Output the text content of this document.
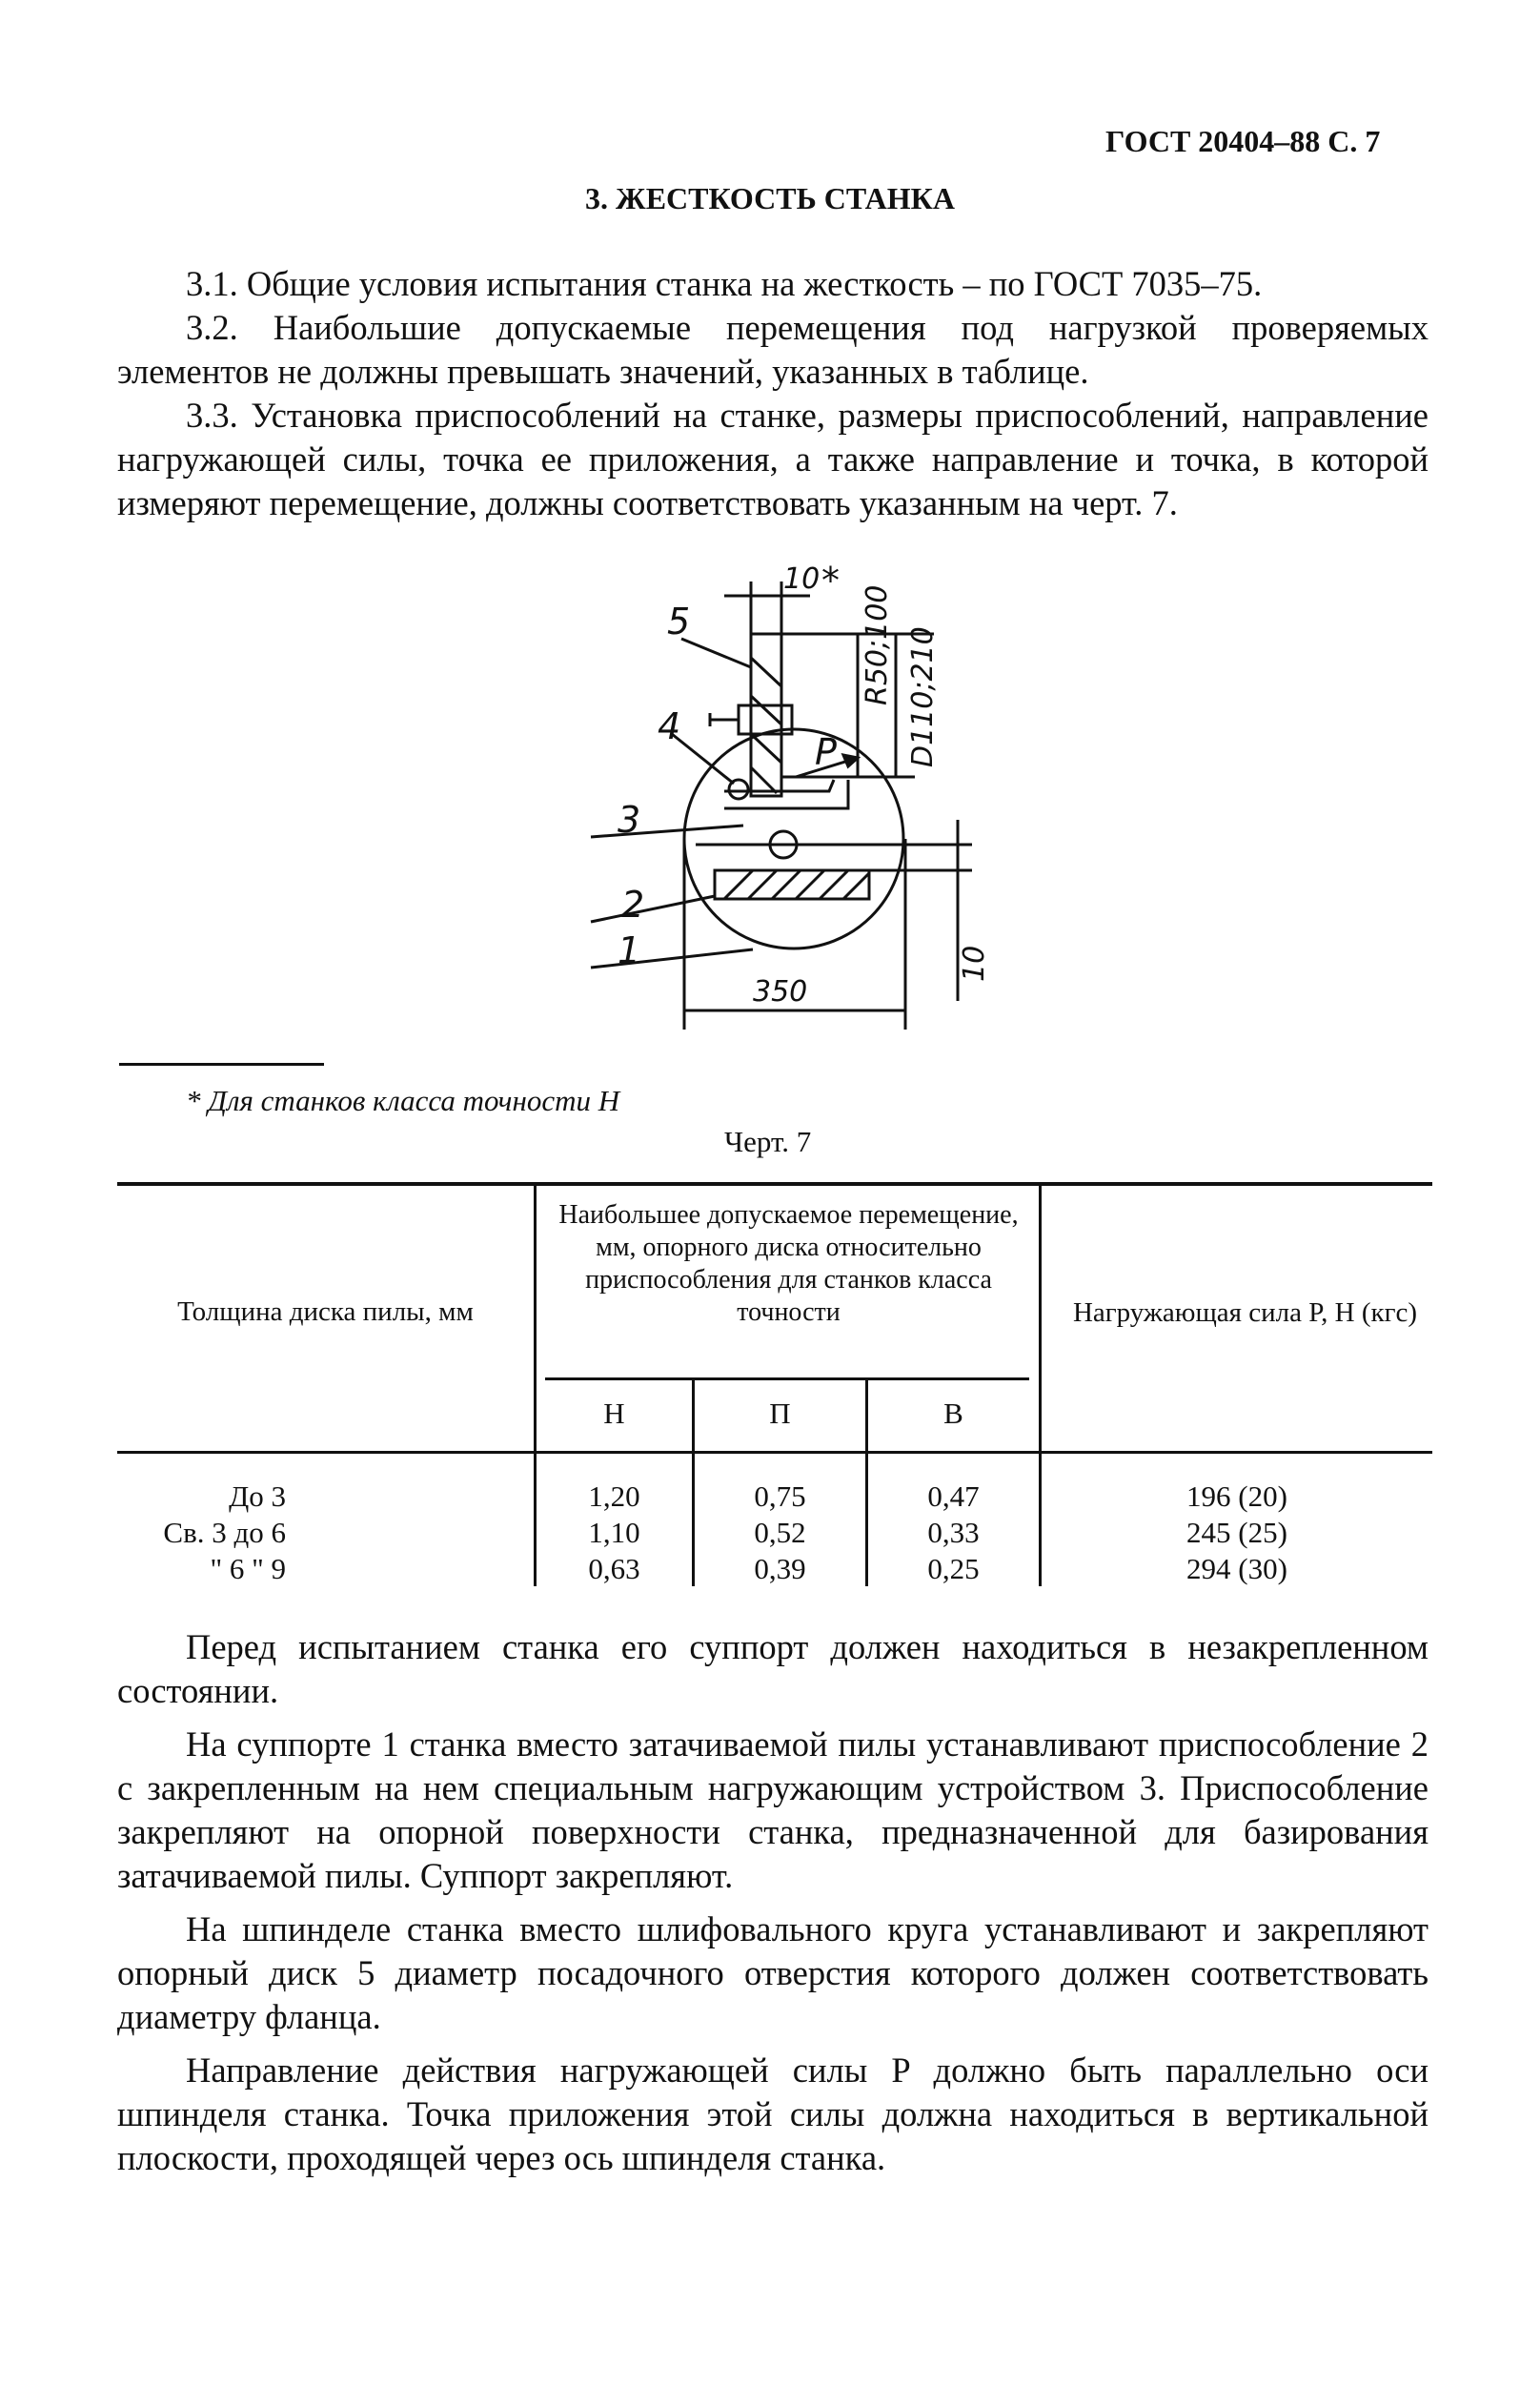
ГОСТ 20404–88 С. 7
3. ЖЕСТКОСТЬ СТАНКА

3.1. Общие условия испытания станка на жесткость – по ГОСТ 7035–75.

3.2. Наибольшие допускаемые перемещения под нагрузкой проверяемых элементов не должны превышать значений, указанных в таблице.

3.3. Установка приспособлений на станке, размеры приспособлений, направление нагружающей силы, точка ее приложения, а также направление и точка, в которой измеряют перемещение, должны соответствовать указанным на черт. 7.

5
4
3
2
1
10 *
R50;100 D110;210
P
350
10
* Для станков класса точности Н
Черт. 7
Толщина диска пилы, мм
Наибольшее допускаемое перемещение, мм, опорного диска относительно приспособления для станков класса точности	Нагружающая сила P, Н (кгс)
Н	П	В
До 3	1,20	0,75	0,47	196 (20)
Св. 3 до 6	1,10	0,52	0,33	245 (25)
" 6 " 9	0,63	0,39	0,25	294 (30)

Перед испытанием станка его суппорт должен находиться в незакрепленном состоянии.

На суппорте 1 станка вместо затачиваемой пилы устанавливают приспособление 2 с закрепленным на нем специальным нагружающим устройством 3. Приспособление закрепляют на опорной поверхности станка, предназначенной для базирования затачиваемой пилы. Суппорт закрепляют.

На шпинделе станка вместо шлифовального круга устанавливают и закрепляют опорный диск 5 диаметр посадочного отверстия которого должен соответствовать диаметру фланца.

Направление действия нагружающей силы P должно быть параллельно оси шпинделя станка. Точка приложения этой силы должна находиться в вертикальной плоскости, проходящей через ось шпинделя станка.
